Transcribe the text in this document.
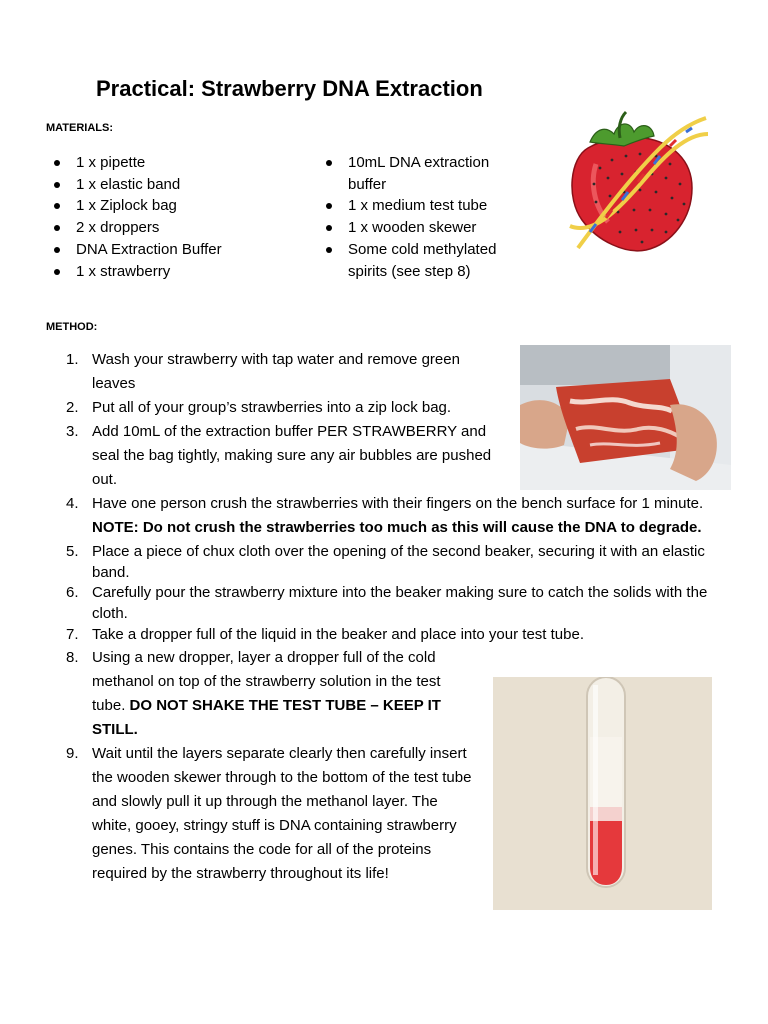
Practical: Strawberry DNA Extraction
MATERIALS:
1 x pipette
1 x elastic band
1 x Ziplock bag
2 x droppers
DNA Extraction Buffer
1 x strawberry
10mL DNA extraction buffer
1 x medium test tube
1 x wooden skewer
Some cold methylated spirits (see step 8)
METHOD:
1. Wash your strawberry with tap water and remove green leaves
2. Put all of your group’s strawberries into a zip lock bag.
3. Add 10mL of the extraction buffer PER STRAWBERRY and seal the bag tightly, making sure any air bubbles are pushed out.
4. Have one person crush the strawberries with their fingers on the bench surface for 1 minute. NOTE: Do not crush the strawberries too much as this will cause the DNA to degrade.
5. Place a piece of chux cloth over the opening of the second beaker, securing it with an elastic band.
6. Carefully pour the strawberry mixture into the beaker making sure to catch the solids with the cloth.
7. Take a dropper full of the liquid in the beaker and place into your test tube.
8. Using a new dropper, layer a dropper full of the cold methanol on top of the strawberry solution in the test tube. DO NOT SHAKE THE TEST TUBE – KEEP IT STILL.
9. Wait until the layers separate clearly then carefully insert the wooden skewer through to the bottom of the test tube and slowly pull it up through the methanol layer. The white, gooey, stringy stuff is DNA containing strawberry genes. This contains the code for all of the proteins required by the strawberry throughout its life!
